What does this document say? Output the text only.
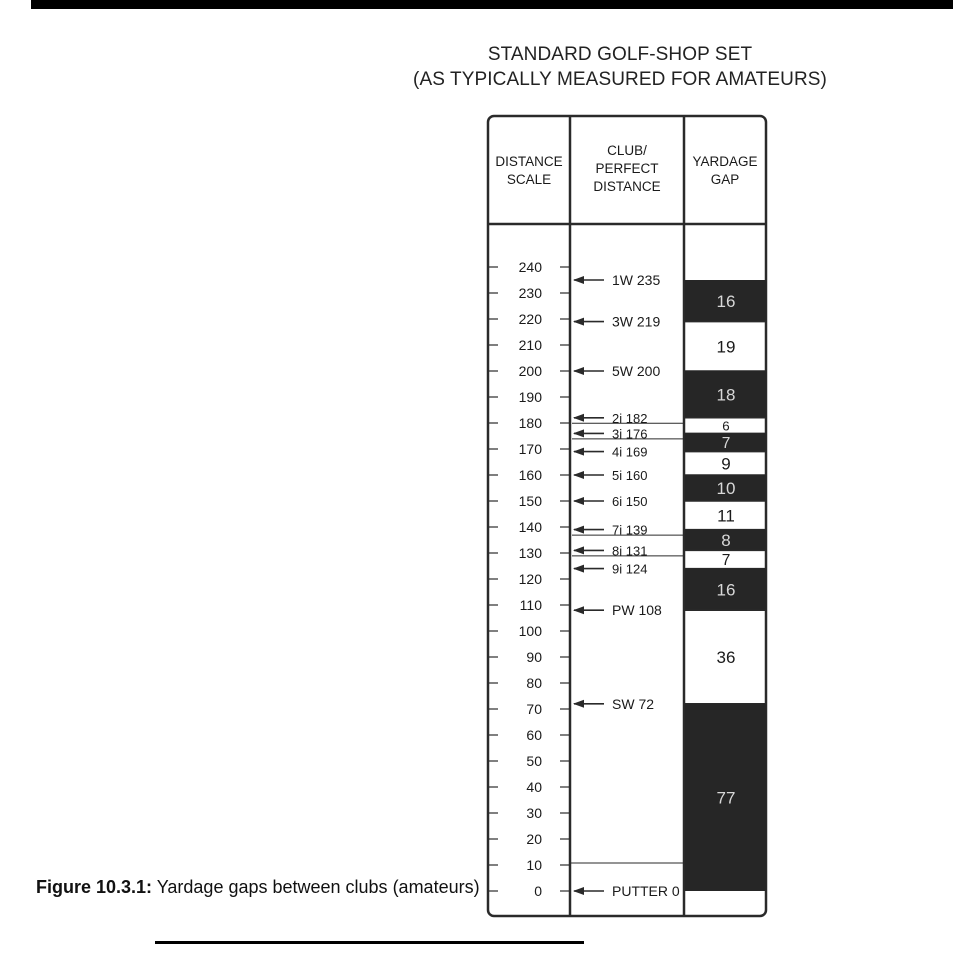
STANDARD GOLF-SHOP SET
(AS TYPICALLY MEASURED FOR AMATEURS)
DISTANCE
SCALE
CLUB/
PERFECT
DISTANCE
YARDAGE
GAP
16
19
18
6
7
9
10
11
8
7
16
36
77
240
230
220
210
200
190
180
170
160
150
140
130
120
110
100
90
80
70
60
50
40
30
20
10
0
1W 235
3W 219
5W 200
2i 182
3i 176
4i 169
5i 160
6i 150
7i 139
8i 131
9i 124
PW 108
SW 72
PUTTER 0
Figure 10.3.1: Yardage gaps between clubs (amateurs)
